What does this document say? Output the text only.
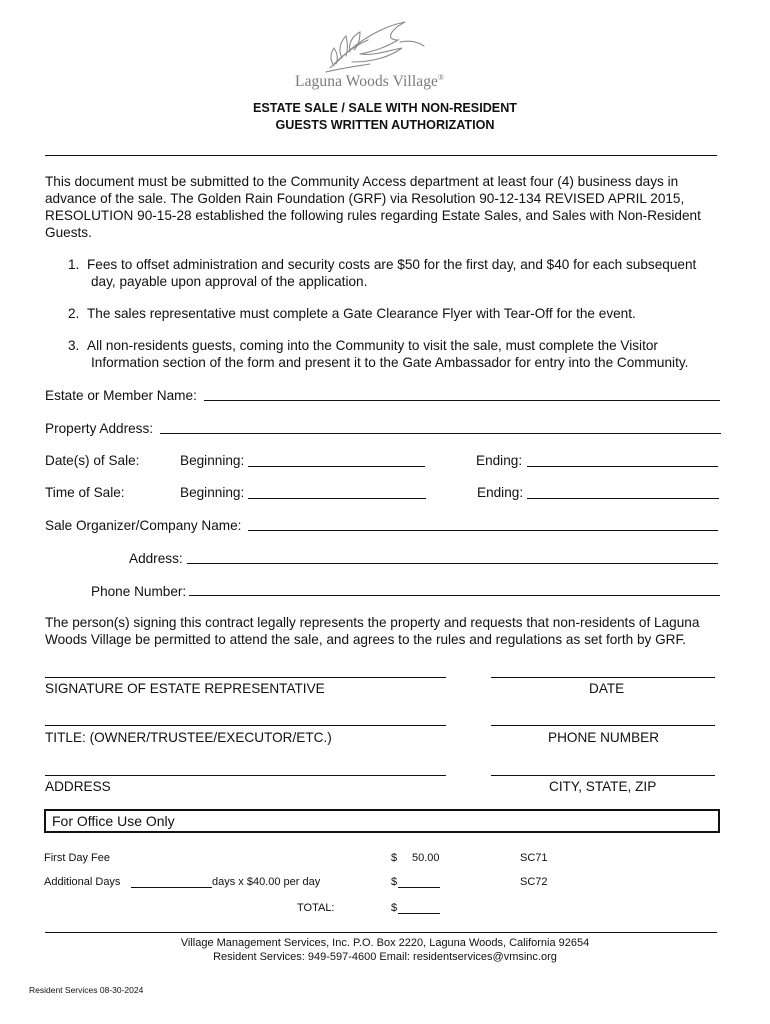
Laguna Woods Village®
ESTATE SALE / SALE WITH NON-RESIDENT
GUESTS WRITTEN AUTHORIZATION
This document must be submitted to the Community Access department at least four (4) business days in
advance of the sale. The Golden Rain Foundation (GRF) via Resolution 90-12-134 REVISED APRIL 2015,
RESOLUTION 90-15-28 established the following rules regarding Estate Sales, and Sales with Non-Resident
Guests.
1. Fees to offset administration and security costs are $50 for the first day, and $40 for each subsequent
day, payable upon approval of the application.
2. The sales representative must complete a Gate Clearance Flyer with Tear-Off for the event.
3. All non-residents guests, coming into the Community to visit the sale, must complete the Visitor
Information section of the form and present it to the Gate Ambassador for entry into the Community.
Estate or Member Name:
Property Address:
Date(s) of Sale:	Beginning:	Ending:
Time of Sale:	Beginning:	Ending:
Sale Organizer/Company Name:
Address:
Phone Number:
The person(s) signing this contract legally represents the property and requests that non-residents of Laguna
Woods Village be permitted to attend the sale, and agrees to the rules and regulations as set forth by GRF.
SIGNATURE OF ESTATE REPRESENTATIVE	DATE
TITLE: (OWNER/TRUSTEE/EXECUTOR/ETC.)	PHONE NUMBER
ADDRESS	CITY, STATE, ZIP
For Office Use Only
First Day Fee	$ 50.00	SC71
Additional Days	days x $40.00 per day	$	SC72
TOTAL:	$
Village Management Services, Inc. P.O. Box 2220, Laguna Woods, California 92654
Resident Services: 949-597-4600 Email: residentservices@vmsinc.org
Resident Services 08-30-2024
